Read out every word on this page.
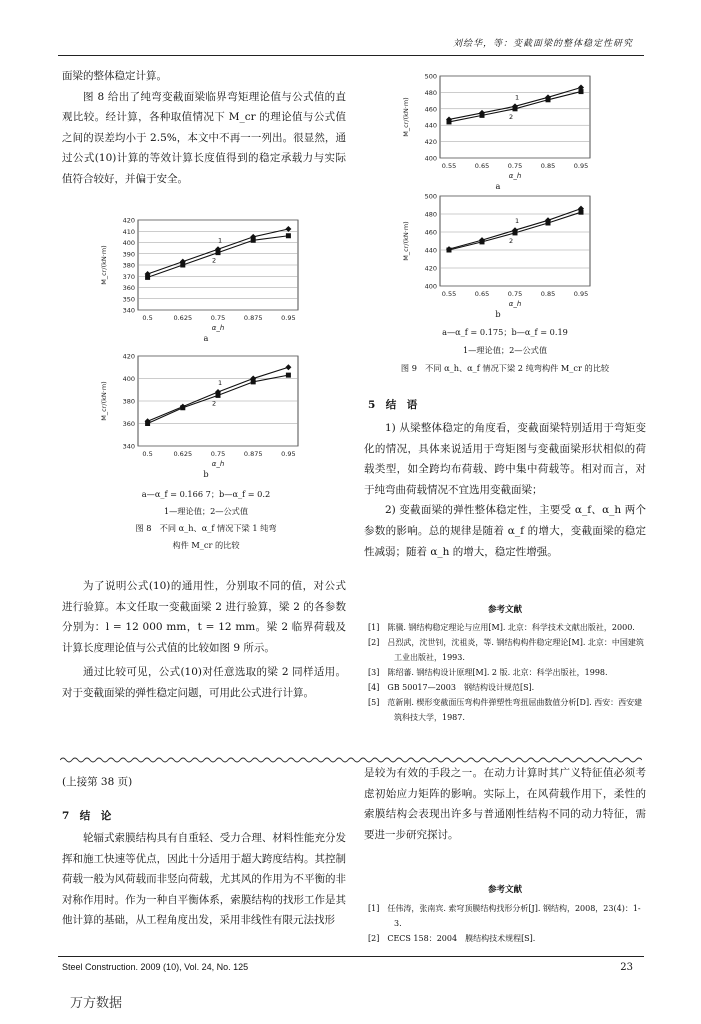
刘绘华，等：变截面梁的整体稳定性研究

面梁的整体稳定计算。

图 8 给出了纯弯变截面梁临界弯矩理论值与公式值的直观比较。经计算，各种取值情况下 M_cr 的理论值与公式值之间的误差均小于 2.5%，本文中不再一一列出。很显然，通过公式(10)计算的等效计算长度值得到的稳定承载力与实际值符合较好，并偏于安全。

340
350
360
370
380
390
400
410
420
0.5	0.625	0.75	0.875	0.95
α_h
M_cr/(kN·m)
1
2
a
340
360
380
400
420
0.5	0.625	0.75	0.875	0.95
α_h
M_cr/(kN·m)	1
2
b
a—α_f = 0.166 7；b—α_f = 0.2
1—理论值；2—公式值
图 8　不同 α_h、α_f 情况下梁 1 纯弯
构件 M_cr 的比较

为了说明公式(10)的通用性，分别取不同的值，对公式进行验算。本文任取一变截面梁 2 进行验算，梁 2 的各参数分别为：l = 12 000 mm，t = 12 mm。梁 2 临界荷载及计算长度理论值与公式值的比较如图 9 所示。

通过比较可见，公式(10)对任意选取的梁 2 同样适用。对于变截面梁的弹性稳定问题，可用此公式进行计算。

400
420
440
460
480
500
0.55	0.65	0.75	0.85	0.95
α_h
M_cr/(kN·m)	1
2
a
400
420
440
460
480
500
0.55	0.65	0.75	0.85	0.95
α_h
M_cr/(kN·m)
1
2
b
a—α_f = 0.175；b—α_f = 0.19
1—理论值；2—公式值
图 9　不同 α_h、α_f 情况下梁 2 纯弯构件 M_cr 的比较
5　结　语

1) 从梁整体稳定的角度看，变截面梁特别适用于弯矩变化的情况，具体来说适用于弯矩图与变截面梁形状相似的荷载类型，如全跨均布荷载、跨中集中荷载等。相对而言，对于纯弯曲荷载情况不宜选用变截面梁；

2) 变截面梁的弹性整体稳定性，主要受 α_f、α_h 两个参数的影响。总的规律是随着 α_f 的增大，变截面梁的稳定性减弱；随着 α_h 的增大，稳定性增强。

参考文献

[1]　陈骥. 钢结构稳定理论与应用[M]. 北京：科学技术文献出版社，2000.

[2]　吕烈武，沈世钊，沈祖炎，等. 钢结构构件稳定理论[M]. 北京：中国建筑工业出版社，1993.

[3]　陈绍蕃. 钢结构设计原理[M]. 2 版. 北京：科学出版社，1998.

[4]　GB 50017—2003　钢结构设计规范[S].

[5]　范新刚. 楔形变截面压弯构件弹塑性弯扭屈曲数值分析[D]. 西安：西安建筑科技大学，1987.

(上接第 38 页)
7　结　论

轮辐式索膜结构具有自重轻、受力合理、材料性能充分发挥和施工快速等优点，因此十分适用于超大跨度结构。其控制荷载一般为风荷载而非竖向荷载，尤其风的作用为不平衡的非对称作用时。作为一种自平衡体系，索膜结构的找形工作是其他计算的基础，从工程角度出发，采用非线性有限元法找形

是较为有效的手段之一。在动力计算时其广义特征值必须考虑初始应力矩阵的影响。实际上，在风荷载作用下，柔性的索膜结构会表现出许多与普通刚性结构不同的动力特征，需要进一步研究探讨。

参考文献

[1]　任伟涛，张南宾. 索穹顶膜结构找形分析[J]. 钢结构，2008，23(4)：1-3.

[2]　CECS 158：2004　膜结构技术规程[S].

Steel Construction. 2009 (10), Vol. 24, No. 125	23
万方数据
